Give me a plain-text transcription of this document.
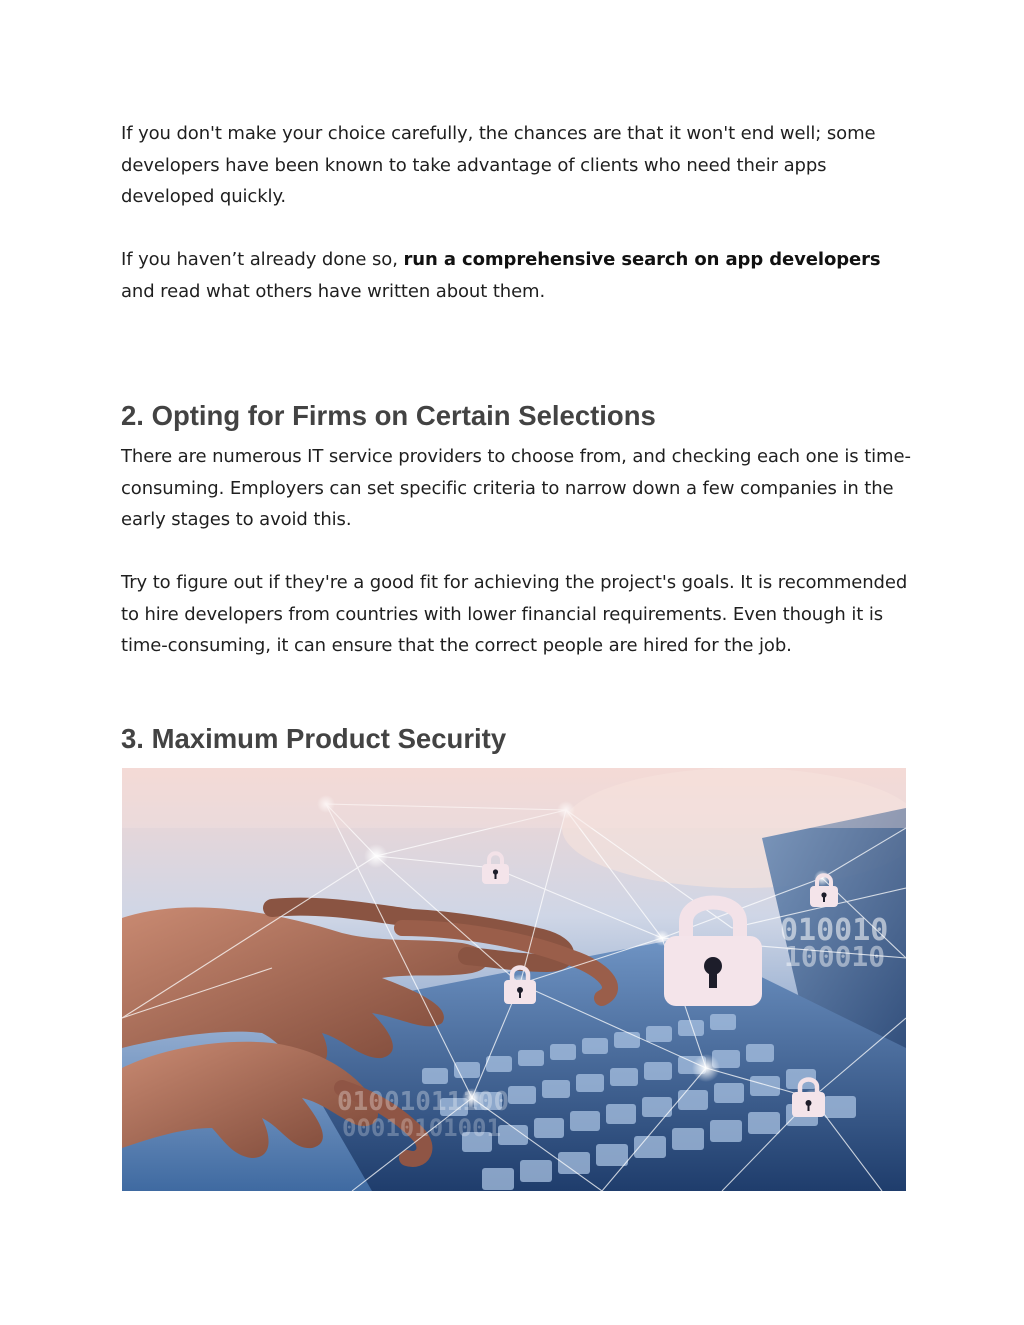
If you don't make your choice carefully, the chances are that it won't end well; some developers have been known to take advantage of clients who need their apps developed quickly.

If you haven’t already done so, run a comprehensive search on app developers and read what others have written about them.

2. Opting for Firms on Certain Selections

There are numerous IT service providers to choose from, and checking each one is time-consuming. Employers can set specific criteria to narrow down a few companies in the early stages to avoid this.

Try to figure out if they're a good fit for achieving the project's goals. It is recommended to hire developers from countries with lower financial requirements. Even though it is time-consuming, it can ensure that the correct people are hired for the job.

3. Maximum Product Security
010010
100010
01001011100
00010101001
